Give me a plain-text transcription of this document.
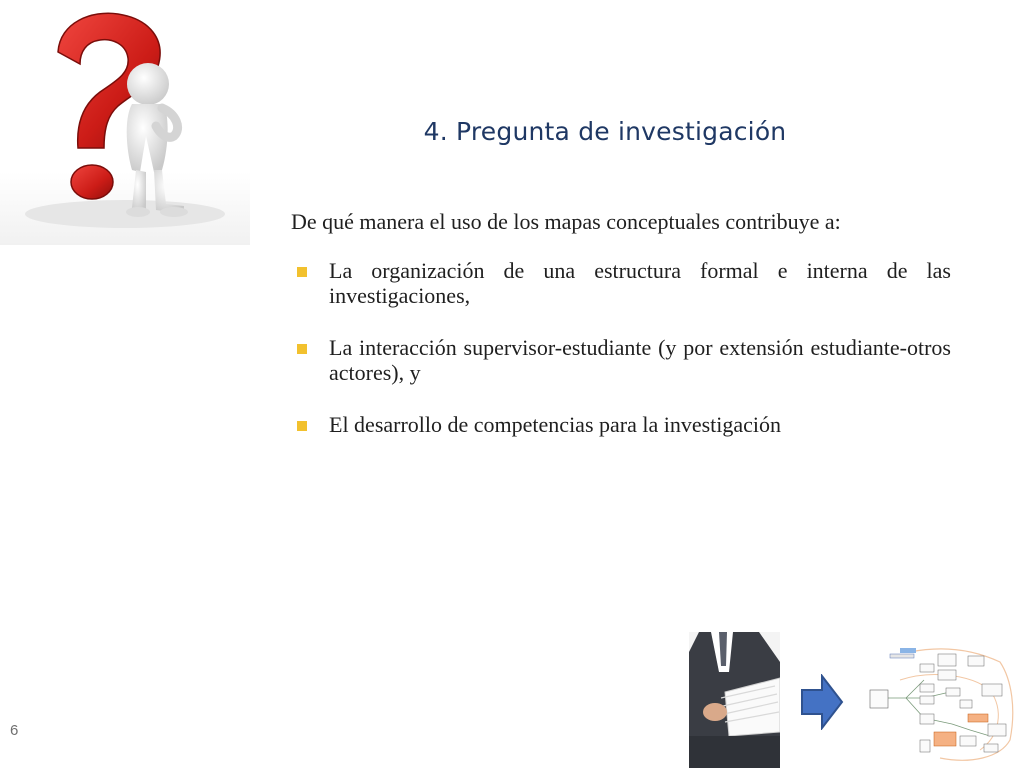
4. Pregunta de investigación
De qué manera el uso de los mapas conceptuales contribuye a:
La organización de una estructura formal e interna de las investigaciones,
La interacción supervisor-estudiante (y por extensión estudiante-otros actores), y
El desarrollo de competencias para la investigación
6
